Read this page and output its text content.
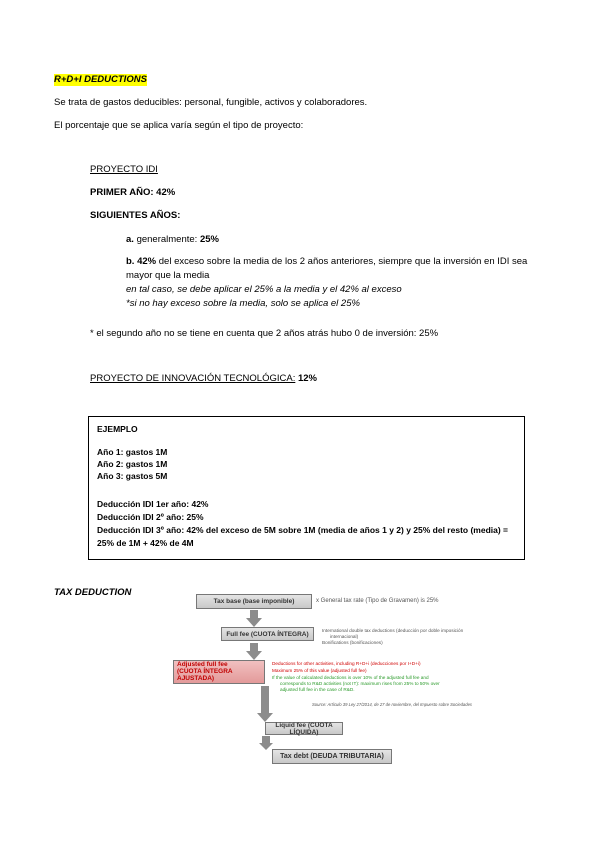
R+D+I DEDUCTIONS
Se trata de gastos deducibles: personal, fungible, activos y colaboradores.
El porcentaje que se aplica varía según el tipo de proyecto:
PROYECTO IDI
PRIMER AÑO: 42%
SIGUIENTES AÑOS:
a. generalmente: 25%
b. 42% del exceso sobre la media de los 2 años anteriores, siempre que la inversión en IDI sea
mayor que la media
en tal caso, se debe aplicar el 25% a la media y el 42% al exceso
*si no hay exceso sobre la media, solo se aplica el 25%
* el segundo año no se tiene en cuenta que 2 años atrás hubo 0 de inversión: 25%
PROYECTO DE INNOVACIÓN TECNOLÓGICA: 12%
EJEMPLO
Año 1: gastos 1M
Año 2: gastos 1M
Año 3: gastos 5M
Deducción IDI 1er año: 42%
Deducción IDI 2º año: 25%
Deducción IDI 3º año: 42% del exceso de 5M sobre 1M (media de años 1 y 2) y 25% del resto (media) =
25% de 1M + 42% de 4M
TAX DEDUCTION
Tax base (base imponible)	x General tax rate (Tipo de Gravamen) is 25%
Full fee (CUOTA ÍNTEGRA)	International double tax deductions (deducción por doble imposición
internacional)
Bonifications (bonificaciones)
Adjusted full fee
(CUOTA ÍNTEGRA AJUSTADA)
Deductions for other activities, including R+D+i (deducciones por I+D+i)
Maximum 25% of this value (adjusted full fee)
If the value of calculated deductions is over 10% of the adjusted full fee and
corresponds to R&D activities (not IT): maximum rises from 25% to 50% over
adjusted full fee in the case of R&D.
Source: Artículo 39 Ley 27/2014, de 27 de noviembre, del Impuesto sobre Sociedades
Liquid fee (CUOTA LÍQUIDA)
Tax debt (DEUDA TRIBUTARIA)
